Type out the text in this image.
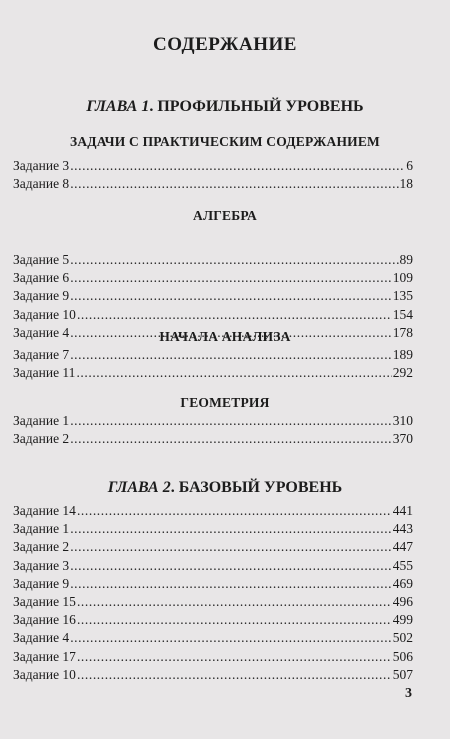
СОДЕРЖАНИЕ
ГЛАВА 1. ПРОФИЛЬНЫЙ УРОВЕНЬ
ЗАДАЧИ С ПРАКТИЧЕСКИМ СОДЕРЖАНИЕМ
Задание 3 .....	6
Задание 8 .....	18
АЛГЕБРА
Задание 5 .....	89
Задание 6 .....	109
Задание 9 .....	135
Задание 10 .....	154
Задание 4 .....	178
НАЧАЛА АНАЛИЗА
Задание 7 .....	189
Задание 11 .....	292
ГЕОМЕТРИЯ
Задание 1 .....	310
Задание 2 .....	370
ГЛАВА 2. БАЗОВЫЙ УРОВЕНЬ
Задание 14 .....	441
Задание 1 .....	443
Задание 2 .....	447
Задание 3 .....	455
Задание 9 .....	469
Задание 15 .....	496
Задание 16 .....	499
Задание 4 .....	502
Задание 17 .....	506
Задание 10 .....	507
3
